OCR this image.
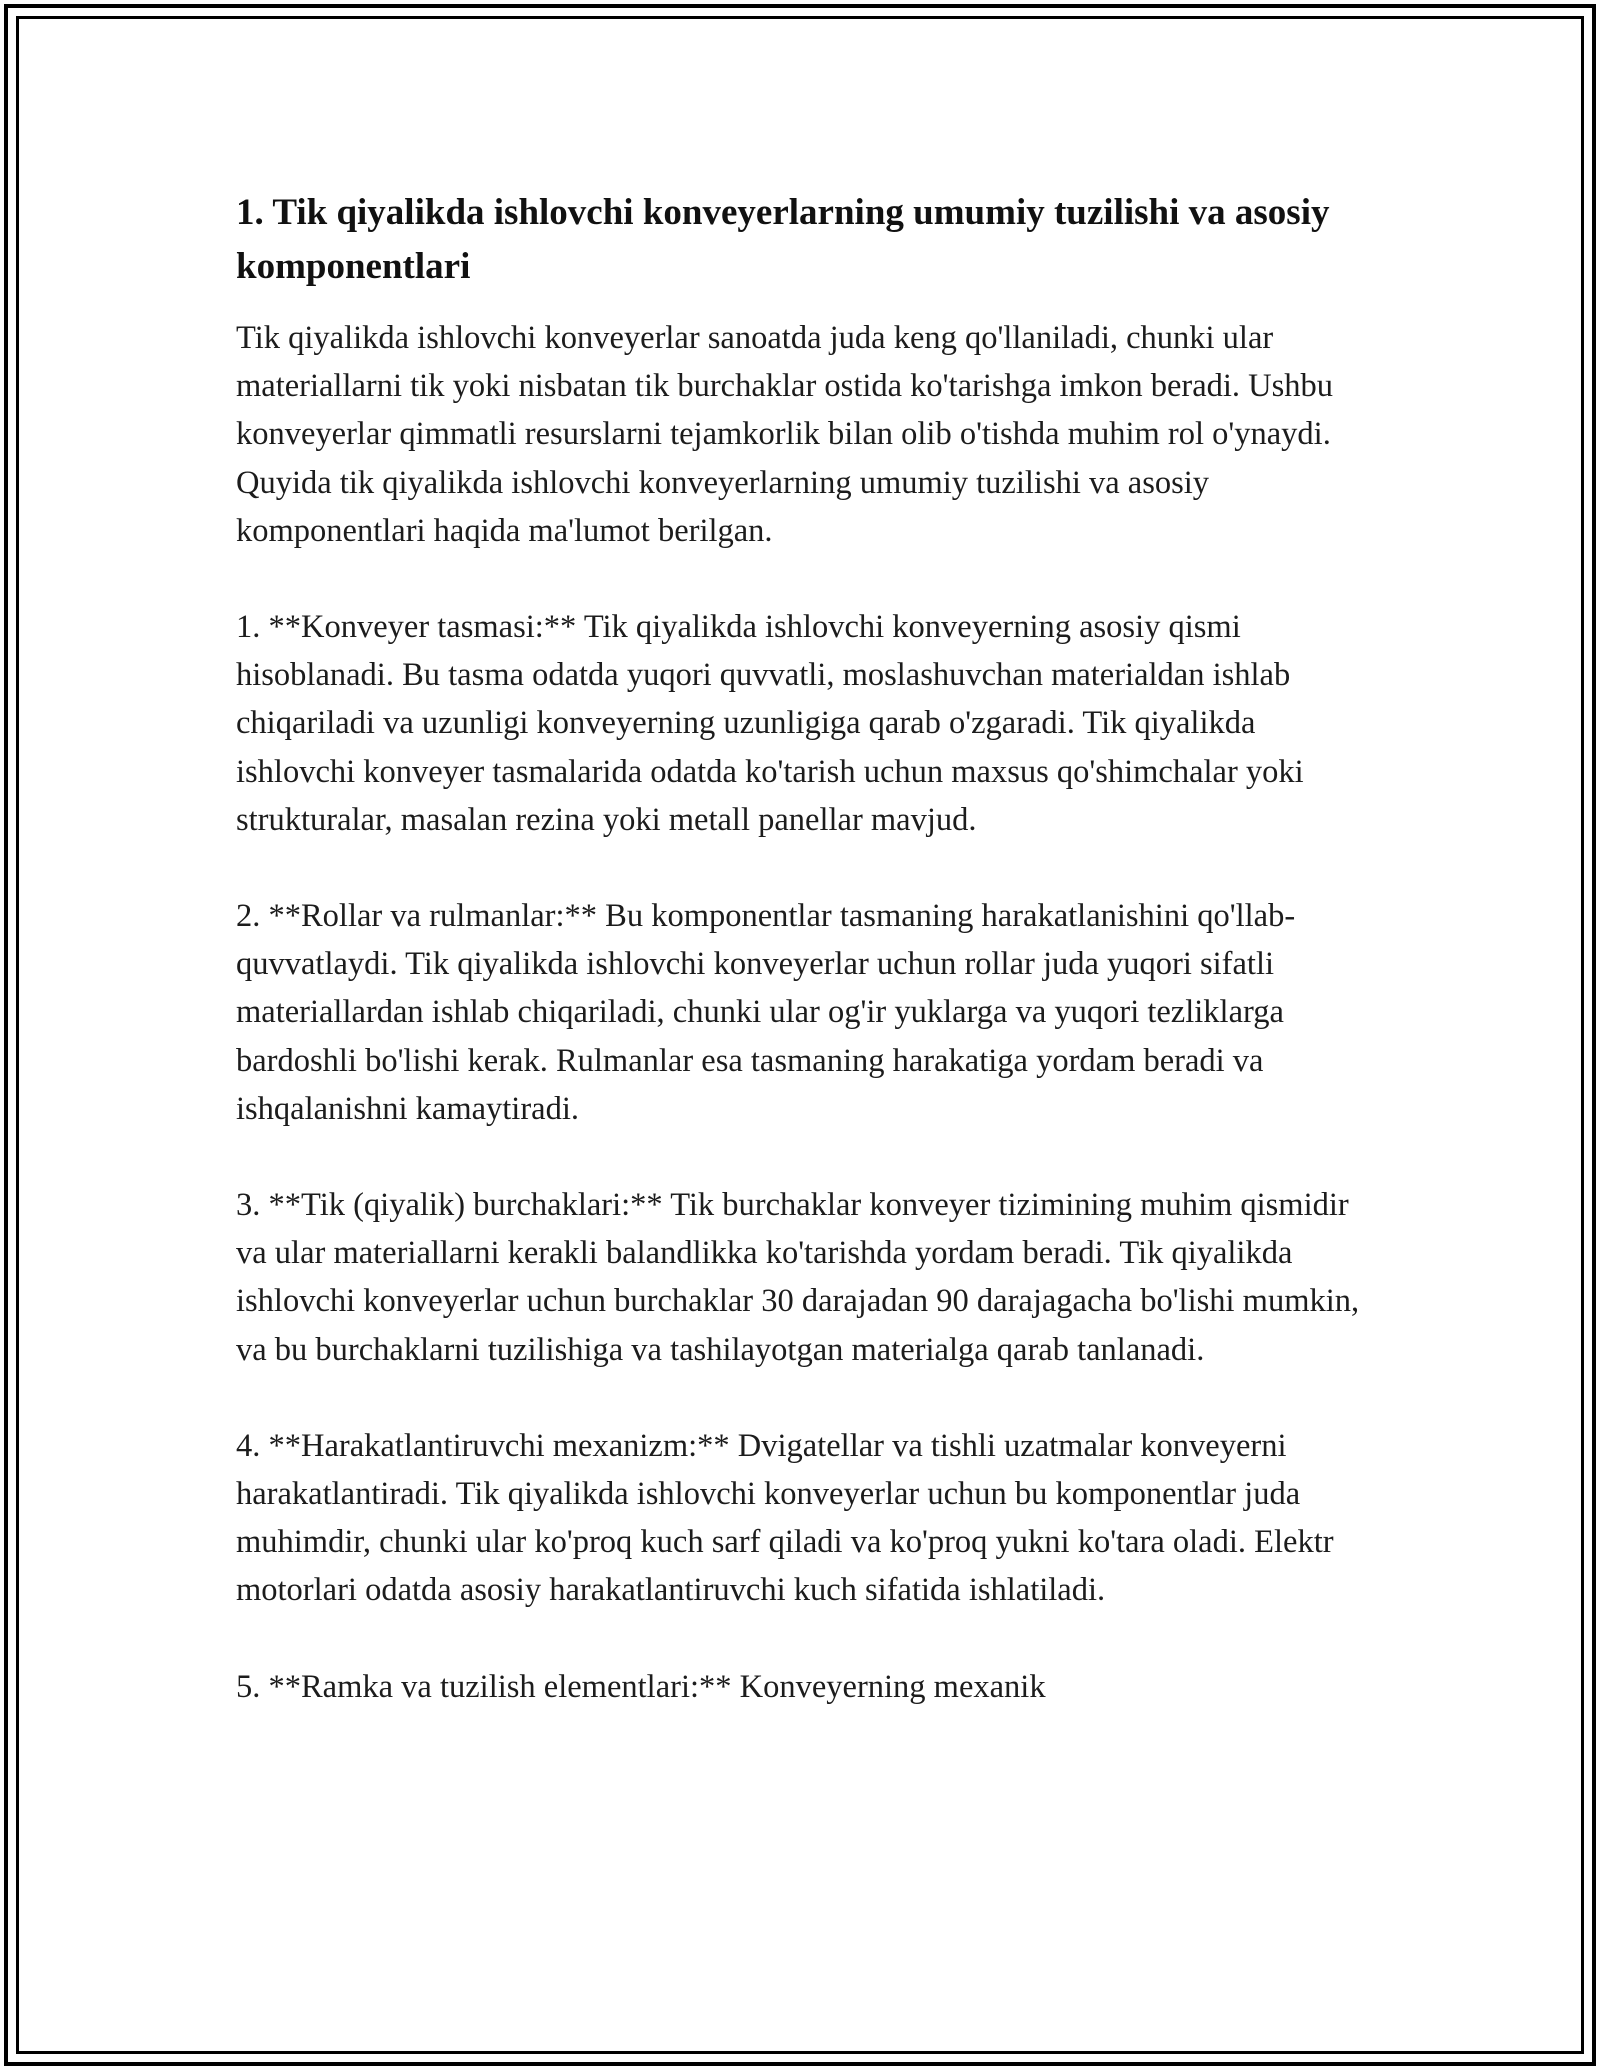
1. Tik qiyalikda ishlovchi konveyerlarning umumiy tuzilishi va asosiy komponentlari

Tik qiyalikda ishlovchi konveyerlar sanoatda juda keng qo'llaniladi, chunki ular materiallarni tik yoki nisbatan tik burchaklar ostida ko'tarishga imkon beradi. Ushbu konveyerlar qimmatli resurslarni tejamkorlik bilan olib o'tishda muhim rol o'ynaydi. Quyida tik qiyalikda ishlovchi konveyerlarning umumiy tuzilishi va asosiy komponentlari haqida ma'lumot berilgan.

1. **Konveyer tasmasi:** Tik qiyalikda ishlovchi konveyerning asosiy qismi hisoblanadi. Bu tasma odatda yuqori quvvatli, moslashuvchan materialdan ishlab chiqariladi va uzunligi konveyerning uzunligiga qarab o'zgaradi. Tik qiyalikda ishlovchi konveyer tasmalarida odatda ko'tarish uchun maxsus qo'shimchalar yoki strukturalar, masalan rezina yoki metall panellar mavjud.

2. **Rollar va rulmanlar:** Bu komponentlar tasmaning harakatlanishini qo'llab-quvvatlaydi. Tik qiyalikda ishlovchi konveyerlar uchun rollar juda yuqori sifatli materiallardan ishlab chiqariladi, chunki ular og'ir yuklarga va yuqori tezliklarga bardoshli bo'lishi kerak. Rulmanlar esa tasmaning harakatiga yordam beradi va ishqalanishni kamaytiradi.

3. **Tik (qiyalik) burchaklari:** Tik burchaklar konveyer tizimining muhim qismidir va ular materiallarni kerakli balandlikka ko'tarishda yordam beradi. Tik qiyalikda ishlovchi konveyerlar uchun burchaklar 30 darajadan 90 darajagacha bo'lishi mumkin, va bu burchaklarni tuzilishiga va tashilayotgan materialga qarab tanlanadi.

4. **Harakatlantiruvchi mexanizm:** Dvigatellar va tishli uzatmalar konveyerni harakatlantiradi. Tik qiyalikda ishlovchi konveyerlar uchun bu komponentlar juda muhimdir, chunki ular ko'proq kuch sarf qiladi va ko'proq yukni ko'tara oladi. Elektr motorlari odatda asosiy harakatlantiruvchi kuch sifatida ishlatiladi.

5. **Ramka va tuzilish elementlari:** Konveyerning mexanik
